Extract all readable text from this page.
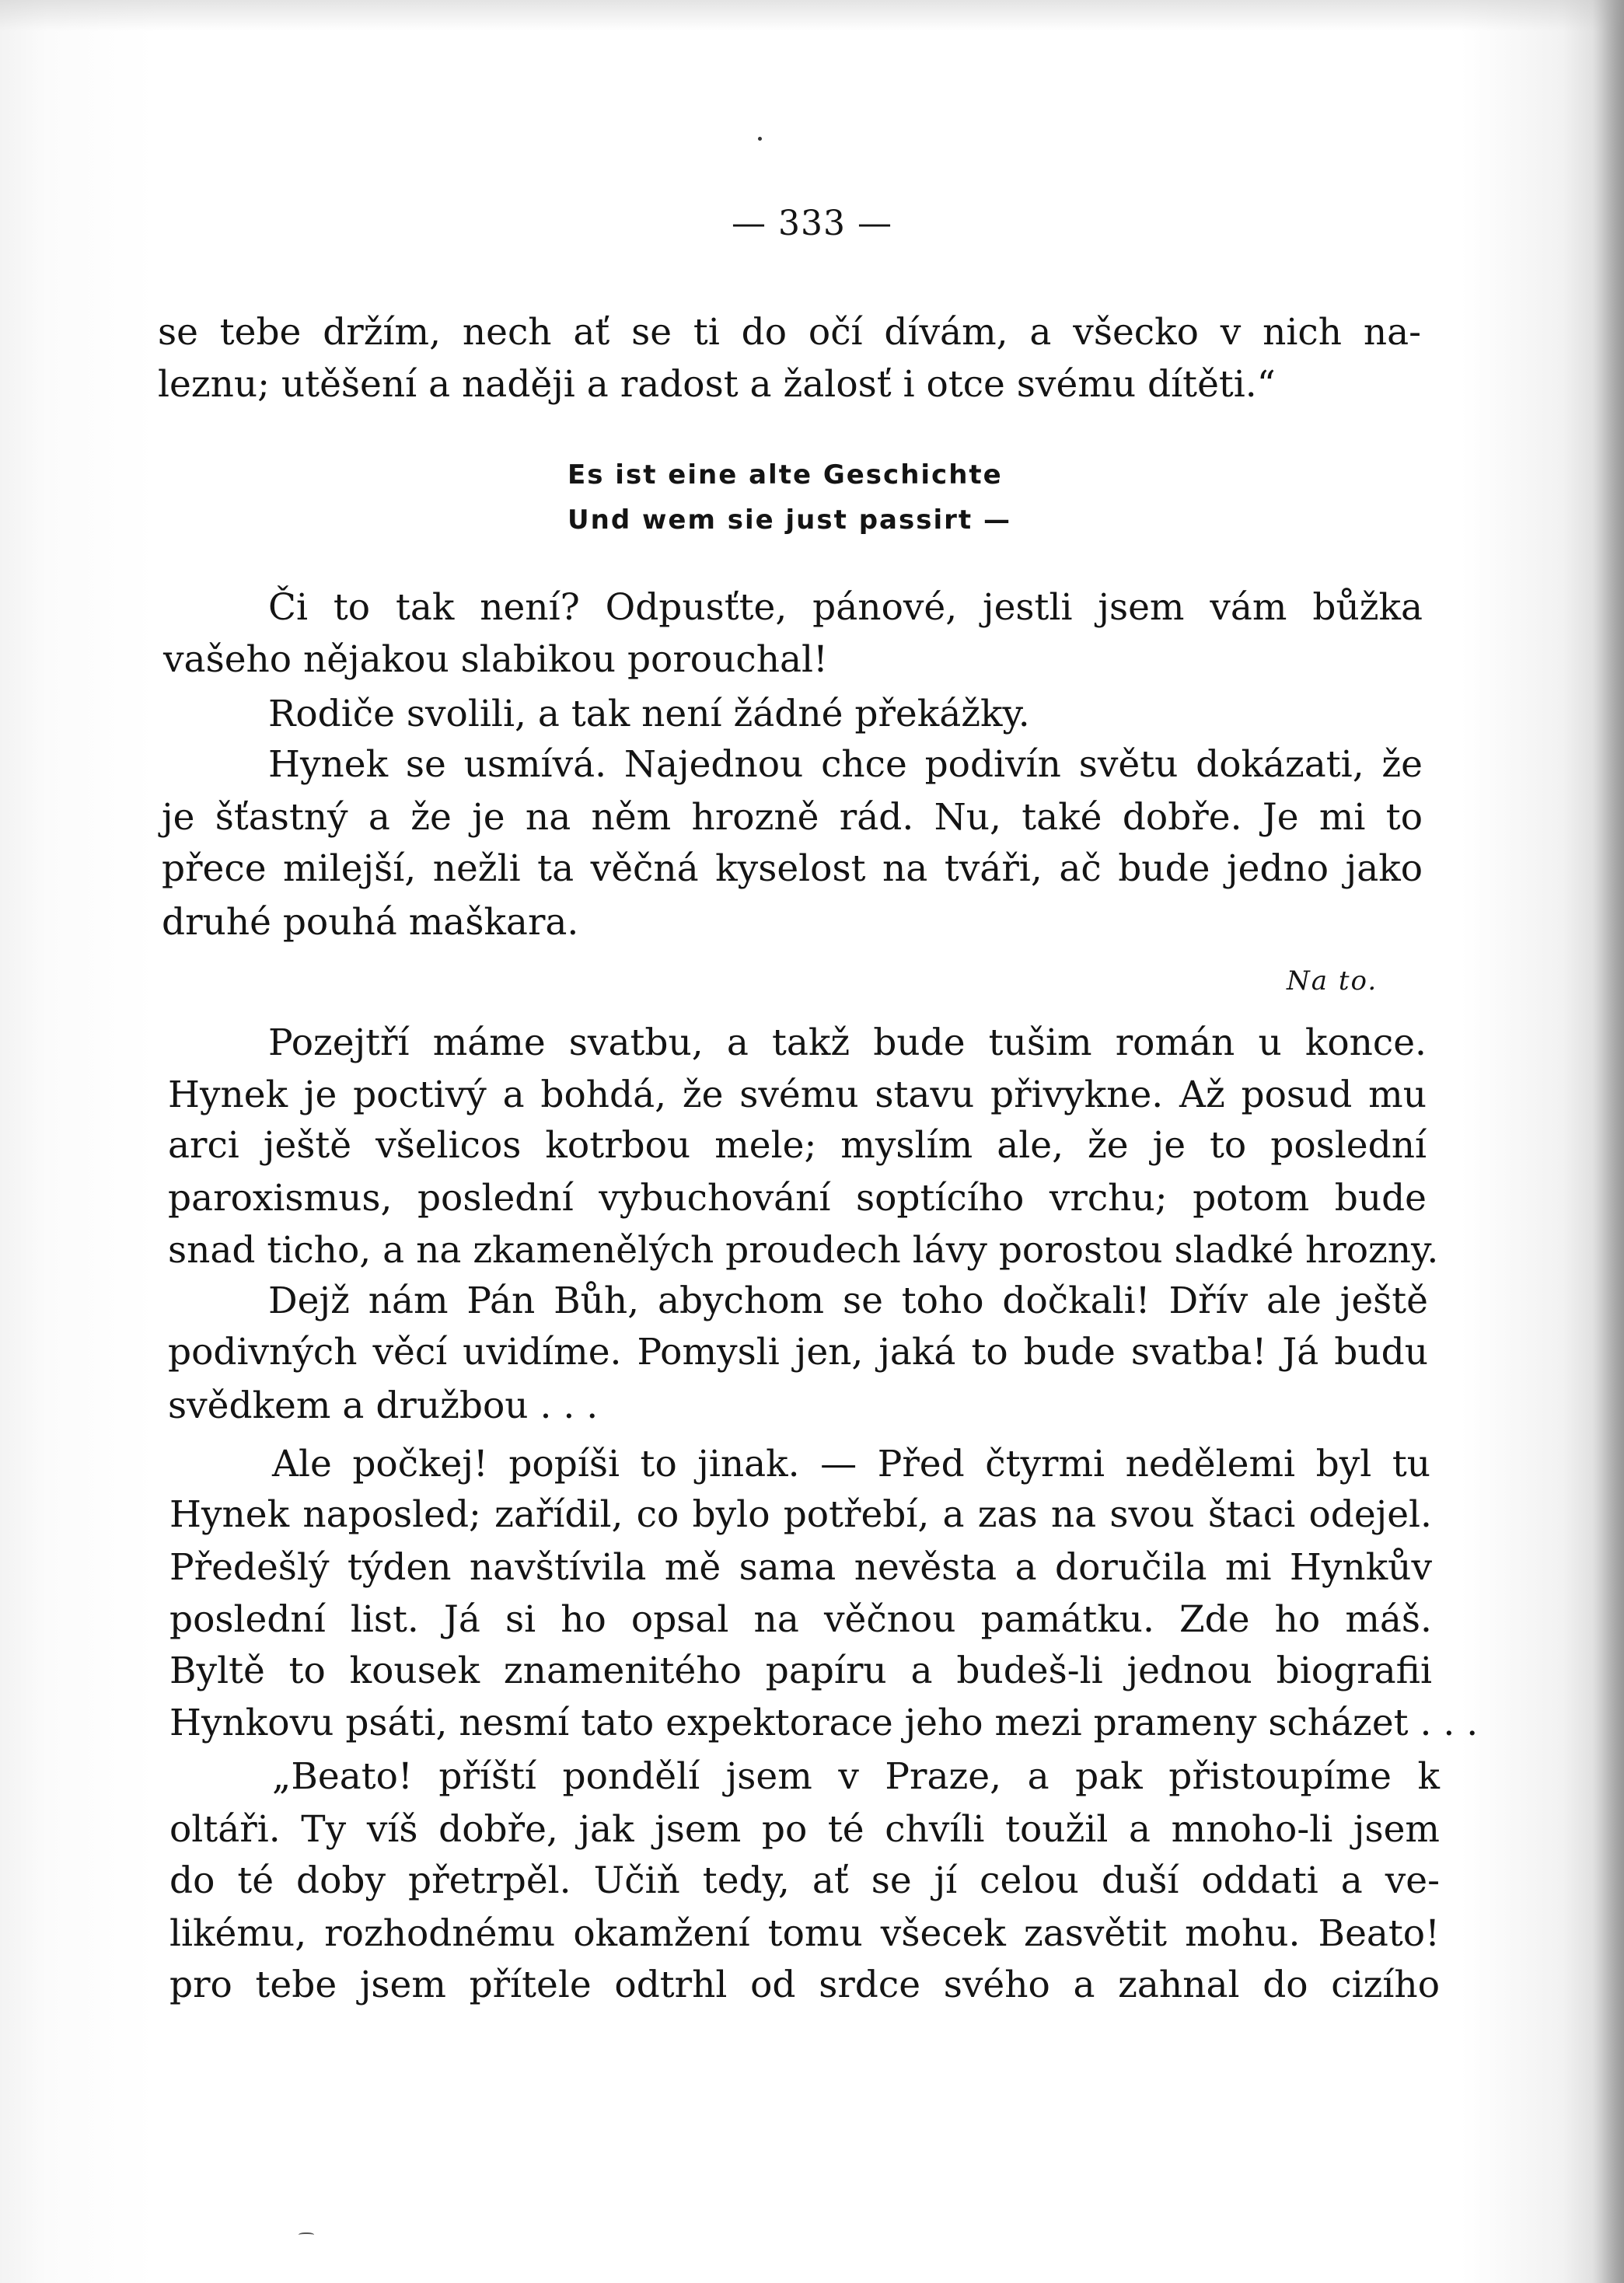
— 333 —
se tebe držím, nech ať se ti do očí dívám, a všecko v nich na-
leznu; utěšení a naději a radost a žalosť i otce svému dítěti.“
Es ist eine alte Geschichte
Und wem sie just passirt —
Či to tak není? Odpusťte, pánové, jestli jsem vám bůžka
vašeho nějakou slabikou porouchal!
Rodiče svolili, a tak není žádné překážky.
Hynek se usmívá. Najednou chce podivín světu dokázati, že
je šťastný a že je na něm hrozně rád. Nu, také dobře. Je mi to
přece milejší, nežli ta věčná kyselost na tváři, ač bude jedno jako
druhé pouhá maškara.
Na to.
Pozejtří máme svatbu, a takž bude tušim román u konce.
Hynek je poctivý a bohdá, že svému stavu přivykne. Až posud mu
arci ještě všelicos kotrbou mele; myslím ale, že je to poslední
paroxismus, poslední vybuchování soptícího vrchu; potom bude
snad ticho, a na zkamenělých proudech lávy porostou sladké hrozny.
Dejž nám Pán Bůh, abychom se toho dočkali! Dřív ale ještě
podivných věcí uvidíme. Pomysli jen, jaká to bude svatba! Já budu
svědkem a družbou . . .
Ale počkej! popíši to jinak. — Před čtyrmi nedělemi byl tu
Hynek naposled; zařídil, co bylo potřebí, a zas na svou štaci odejel.
Předešlý týden navštívila mě sama nevěsta a doručila mi Hynkův
poslední list. Já si ho opsal na věčnou památku. Zde ho máš.
Byltě to kousek znamenitého papíru a budeš-li jednou biografii
Hynkovu psáti, nesmí tato expektorace jeho mezi prameny scházet . . .
„Beato! příští pondělí jsem v Praze, a pak přistoupíme k
oltáři. Ty víš dobře, jak jsem po té chvíli toužil a mnoho-li jsem
do té doby přetrpěl. Učiň tedy, ať se jí celou duší oddati a ve-
likému, rozhodnému okamžení tomu všecek zasvětit mohu. Beato!
pro tebe jsem přítele odtrhl od srdce svého a zahnal do cizího
